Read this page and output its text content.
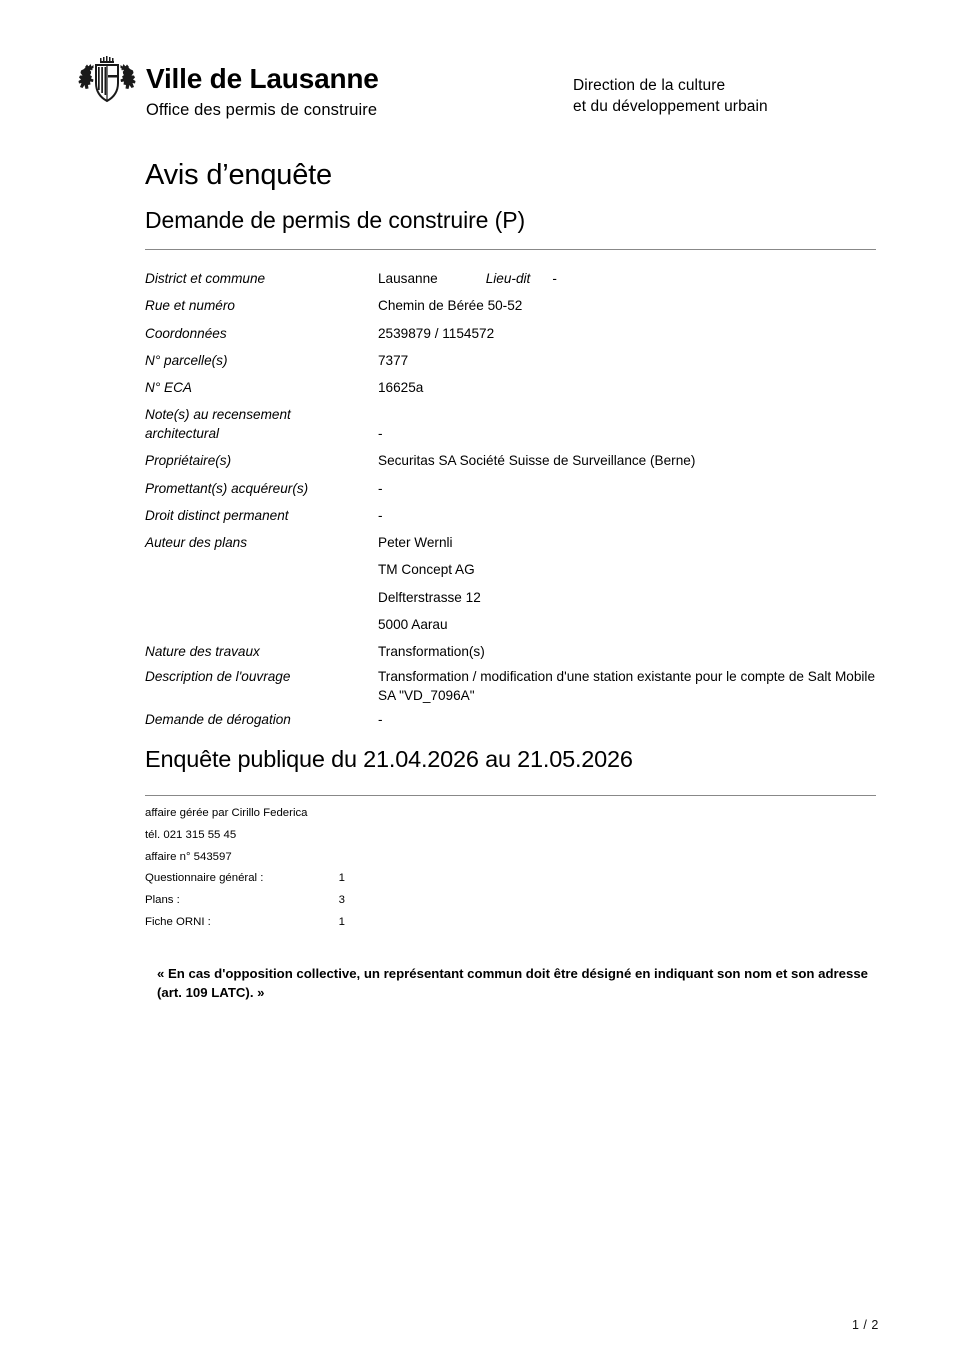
Ville de Lausanne
Office des permis de construire
Direction de la culture
et du développement urbain
Avis d’enquête
Demande de permis de construire (P)
District et commune	Lausanne	Lieu-dit -
Rue et numéro	Chemin de Bérée 50-52
Coordonnées	2539879 / 1154572
N° parcelle(s)	7377
N° ECA	16625a
Note(s) au recensement
architectural	-
Propriétaire(s)	Securitas SA Société Suisse de Surveillance (Berne)
Promettant(s) acquéreur(s)	-
Droit distinct permanent	-
Auteur des plans	Peter Wernli
TM Concept AG
Delfterstrasse 12
5000 Aarau
Nature des travaux	Transformation(s)
Description de l'ouvrage	Transformation / modification d'une station existante pour le compte de Salt Mobile SA "VD_7096A"
Demande de dérogation	-
Enquête publique du 21.04.2026 au 21.05.2026
affaire gérée par Cirillo Federica
tél. 021 315 55 45
affaire n° 543597
Questionnaire général :	1
Plans :	3
Fiche ORNI :	1
« En cas d'opposition collective, un représentant commun doit être désigné en indiquant son nom et son adresse (art. 109 LATC). »
1 / 2
